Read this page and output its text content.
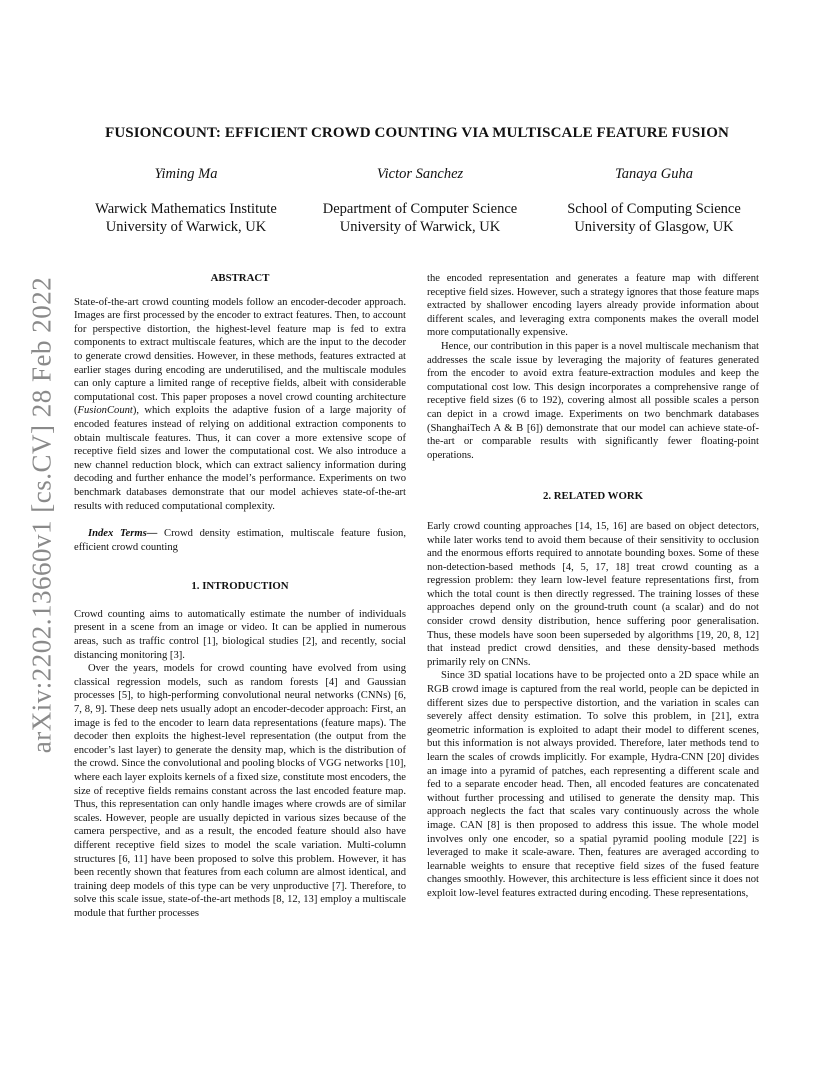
arXiv:2202.13660v1 [cs.CV] 28 Feb 2022
FUSIONCOUNT: EFFICIENT CROWD COUNTING VIA MULTISCALE FEATURE FUSION
Yiming Ma
Warwick Mathematics Institute
University of Warwick, UK
Victor Sanchez
Department of Computer Science
University of Warwick, UK
Tanaya Guha
School of Computing Science
University of Glasgow, UK
ABSTRACT

State-of-the-art crowd counting models follow an encoder-decoder approach. Images are first processed by the encoder to extract features. Then, to account for perspective distortion, the highest-level feature map is fed to extra components to extract multiscale features, which are the input to the decoder to generate crowd densities. However, in these methods, features extracted at earlier stages during encoding are underutilised, and the multiscale modules can only capture a limited range of receptive fields, albeit with considerable computational cost. This paper proposes a novel crowd counting architecture (FusionCount), which exploits the adaptive fusion of a large majority of encoded features instead of relying on additional extraction components to obtain multiscale features. Thus, it can cover a more extensive scope of receptive field sizes and lower the computational cost. We also introduce a new channel reduction block, which can extract saliency information during decoding and further enhance the model’s performance. Experiments on two benchmark databases demonstrate that our model achieves state-of-the-art results with reduced computational complexity.

Index Terms— Crowd density estimation, multiscale feature fusion, efficient crowd counting

1. INTRODUCTION

Crowd counting aims to automatically estimate the number of individuals present in a scene from an image or video. It can be applied in numerous areas, such as traffic control [1], biological studies [2], and recently, social distancing monitoring [3].

Over the years, models for crowd counting have evolved from using classical regression models, such as random forests [4] and Gaussian processes [5], to high-performing convolutional neural networks (CNNs) [6, 7, 8, 9]. These deep nets usually adopt an encoder-decoder approach: First, an image is fed to the encoder to learn data representations (feature maps). The decoder then exploits the highest-level representation (the output from the encoder’s last layer) to generate the density map, which is the distribution of the crowd. Since the convolutional and pooling blocks of VGG networks [10], where each layer exploits kernels of a fixed size, constitute most encoders, the size of receptive fields remains constant across the last encoded feature map. Thus, this representation can only handle images where crowds are of similar scales. However, people are usually depicted in various sizes because of the camera perspective, and as a result, the encoded feature should also have different receptive field sizes to model the scale variation. Multi-column structures [6, 11] have been proposed to solve this problem. However, it has been recently shown that features from each column are almost identical, and training deep models of this type can be very unproductive [7]. Therefore, to solve this scale issue, state-of-the-art methods [8, 12, 13] employ a multiscale module that further processes

the encoded representation and generates a feature map with different receptive field sizes. However, such a strategy ignores that those feature maps extracted by shallower encoding layers already provide information about different scales, and leveraging extra components makes the overall model more computationally expensive.

Hence, our contribution in this paper is a novel multiscale mechanism that addresses the scale issue by leveraging the majority of features generated from the encoder to avoid extra feature-extraction modules and keep the computational cost low. This design incorporates a comprehensive range of receptive field sizes (6 to 192), covering almost all possible scales a person can depict in a crowd image. Experiments on two benchmark databases (ShanghaiTech A & B [6]) demonstrate that our model can achieve state-of-the-art or comparable results with significantly fewer floating-point operations.

2. RELATED WORK

Early crowd counting approaches [14, 15, 16] are based on object detectors, while later works tend to avoid them because of their sensitivity to occlusion and the enormous efforts required to annotate bounding boxes. Some of these non-detection-based methods [4, 5, 17, 18] treat crowd counting as a regression problem: they learn low-level feature representations first, from which the total count is then directly regressed. The training losses of these approaches depend only on the ground-truth count (a scalar) and do not consider crowd density distribution, hence suffering poor generalisation. Thus, these models have soon been superseded by algorithms [19, 20, 8, 12] that instead predict crowd densities, and these density-based methods primarily rely on CNNs.

Since 3D spatial locations have to be projected onto a 2D space while an RGB crowd image is captured from the real world, people can be depicted in different sizes due to perspective distortion, and the variation in scales can severely affect density estimation. To solve this problem, in [21], extra geometric information is exploited to adapt their model to different scenes, but this information is not always provided. Therefore, later methods tend to learn the scales of crowds implicitly. For example, Hydra-CNN [20] divides an image into a pyramid of patches, each representing a different scale and fed to a separate encoder head. Then, all encoded features are concatenated without further processing and utilised to generate the density map. This approach neglects the fact that scales vary continuously across the whole image. CAN [8] is then proposed to address this issue. The whole model involves only one encoder, so a spatial pyramid pooling module [22] is leveraged to make it scale-aware. Then, features are averaged according to learnable weights to ensure that receptive field sizes of the fused feature changes smoothly. However, this architecture is less efficient since it does not exploit low-level features extracted during encoding. These representations,
